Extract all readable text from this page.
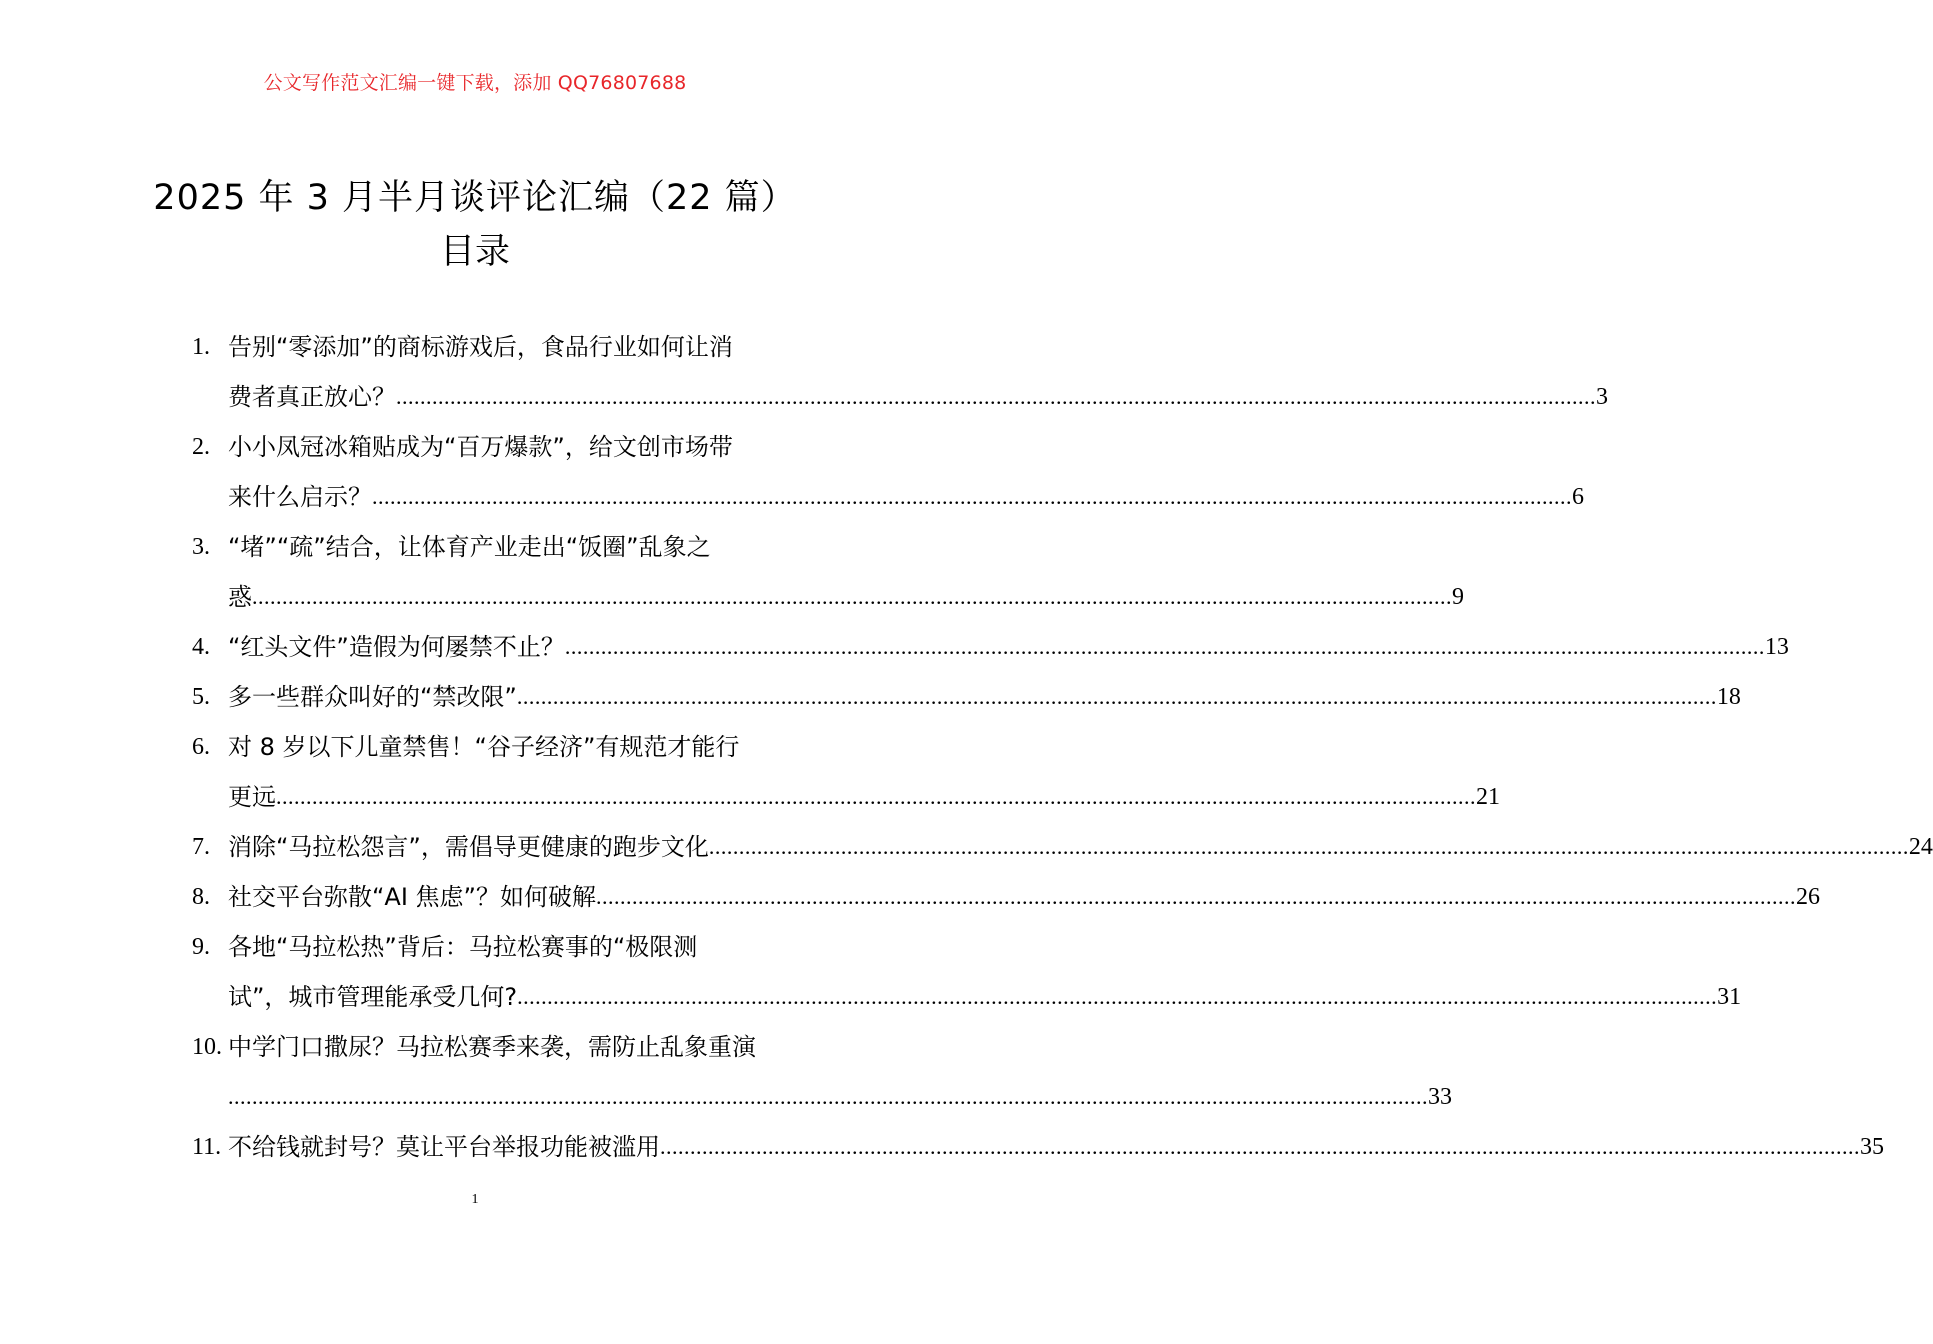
公文写作范文汇编一键下载，添加 QQ76807688
2025 年 3 月半月谈评论汇编（22 篇）
目录
1. 告别“零添加”的商标游戏后，食品行业如何让消
费者真正放心？ ........................................................................................................................................................................................................ 3
2. 小小凤冠冰箱贴成为“百万爆款”，给文创市场带
来什么启示？ ........................................................................................................................................................................................................ 6
3. “堵”“疏”结合，让体育产业走出“饭圈”乱象之
惑 ........................................................................................................................................................................................................ 9
4. “红头文件”造假为何屡禁不止？ ........................................................................................................................................................................................................ 13
5. 多一些群众叫好的“禁改限” ........................................................................................................................................................................................................ 18
6. 对 8 岁以下儿童禁售！“谷子经济”有规范才能行
更远 ........................................................................................................................................................................................................ 21
7. 消除“马拉松怨言”，需倡导更健康的跑步文化 ........................................................................................................................................................................................................ 24
8. 社交平台弥散“AI 焦虑”？如何破解 ........................................................................................................................................................................................................ 26
9. 各地“马拉松热”背后：马拉松赛事的“极限测
试”，城市管理能承受几何? ........................................................................................................................................................................................................ 31
10. 中学门口撒尿？马拉松赛季来袭，需防止乱象重演
........................................................................................................................................................................................................ 33
11. 不给钱就封号？莫让平台举报功能被滥用 ........................................................................................................................................................................................................ 35
1
